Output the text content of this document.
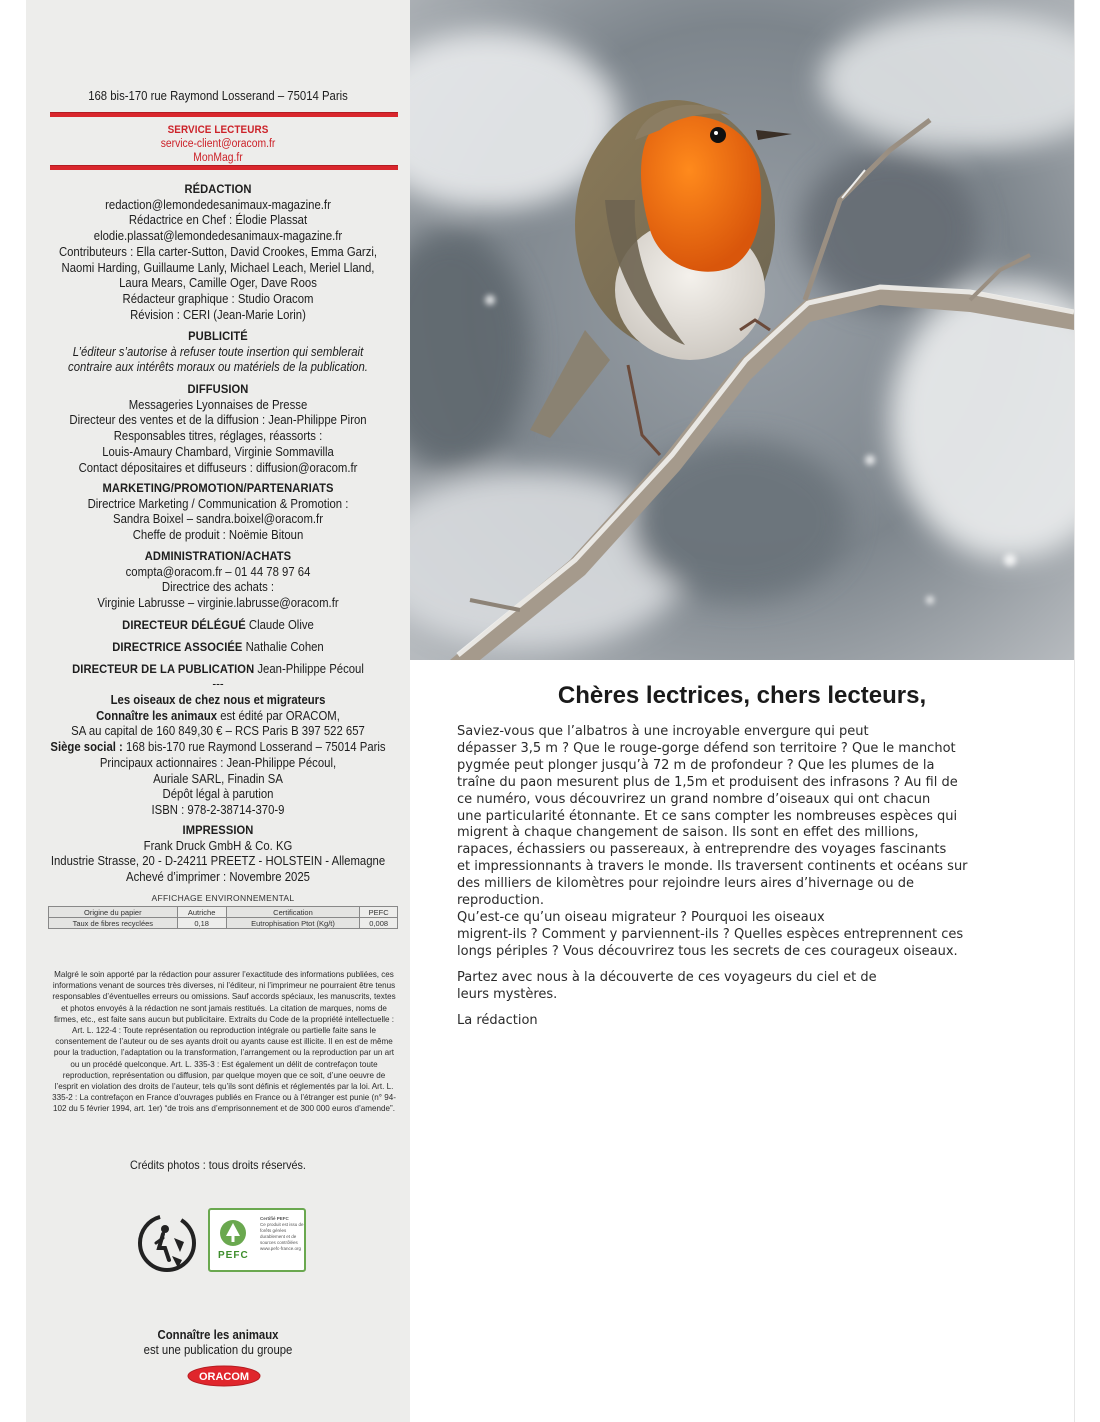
168 bis-170 rue Raymond Losserand – 75014 Paris
SERVICE LECTEURS
service-client@oracom.fr
MonMag.fr
RÉDACTION
redaction@lemondedesanimaux-magazine.fr
Rédactrice en Chef : Élodie Plassat
elodie.plassat@lemondedesanimaux-magazine.fr
Contributeurs : Ella carter-Sutton, David Crookes, Emma Garzi,
Naomi Harding, Guillaume Lanly, Michael Leach, Meriel Lland,
Laura Mears, Camille Oger, Dave Roos
Rédacteur graphique : Studio Oracom
Révision : CERI (Jean-Marie Lorin)
PUBLICITÉ
L’éditeur s’autorise à refuser toute insertion qui semblerait
contraire aux intérêts moraux ou matériels de la publication.
DIFFUSION
Messageries Lyonnaises de Presse
Directeur des ventes et de la diffusion : Jean-Philippe Piron
Responsables titres, réglages, réassorts :
Louis-Amaury Chambard, Virginie Sommavilla
Contact dépositaires et diffuseurs : diffusion@oracom.fr
MARKETING/PROMOTION/PARTENARIATS
Directrice Marketing / Communication & Promotion :
Sandra Boixel – sandra.boixel@oracom.fr
Cheffe de produit : Noëmie Bitoun
ADMINISTRATION/ACHATS
compta@oracom.fr – 01 44 78 97 64
Directrice des achats :
Virginie Labrusse – virginie.labrusse@oracom.fr
DIRECTEUR DÉLÉGUÉ Claude Olive
DIRECTRICE ASSOCIÉE Nathalie Cohen
DIRECTEUR DE LA PUBLICATION Jean-Philippe Pécoul
---
Les oiseaux de chez nous et migrateurs
Connaître les animaux est édité par ORACOM,
SA au capital de 160 849,30 € – RCS Paris B 397 522 657
Siège social : 168 bis-170 rue Raymond Losserand – 75014 Paris
Principaux actionnaires : Jean-Philippe Pécoul,
Auriale SARL, Finadin SA
Dépôt légal à parution
ISBN : 978-2-38714-370-9
IMPRESSION
Frank Druck GmbH & Co. KG
Industrie Strasse, 20 - D-24211 PREETZ - HOLSTEIN - Allemagne
Achevé d’imprimer : Novembre 2025
AFFICHAGE ENVIRONNEMENTAL
Origine du papier	Autriche	Certification	PEFC
Taux de fibres recyclées	0,18	Eutrophisation Ptot (Kg/t)	0,008
Malgré le soin apporté par la rédaction pour assurer l’exactitude des informations publiées, ces informations venant de sources très diverses, ni l’éditeur, ni l’imprimeur ne pourraient être tenus responsables d’éventuelles erreurs ou omissions. Sauf accords spéciaux, les manuscrits, textes et photos envoyés à la rédaction ne sont jamais restitués. La citation de marques, noms de firmes, etc., est faite sans aucun but publicitaire. Extraits du Code de la propriété intellectuelle : Art. L. 122-4 : Toute représentation ou reproduction intégrale ou partielle faite sans le consentement de l’auteur ou de ses ayants droit ou ayants cause est illicite. Il en est de même pour la traduction, l’adaptation ou la transformation, l’arrangement ou la reproduction par un art ou un procédé quelconque. Art. L. 335-3 : Est également un délit de contrefaçon toute reproduction, représentation ou diffusion, par quelque moyen que ce soit, d’une oeuvre de l’esprit en violation des droits de l’auteur, tels qu’ils sont définis et réglementés par la loi. Art. L. 335-2 : La contrefaçon en France d’ouvrages publiés en France ou à l’étranger est punie (n° 94-102 du 5 février 1994, art. 1er) “de trois ans d’emprisonnement et de 300 000 euros d’amende”.
Crédits photos : tous droits réservés.
PEFC
Certifié PEFC
Ce produit est issu de forêts gérées durablement et de sources contrôlées
www.pefc-france.org
Connaître les animaux
est une publication du groupe
ORACOM
Chères lectrices, chers lecteurs,

Saviez-vous que l’albatros à une incroyable envergure qui peut
dépasser 3,5 m ? Que le rouge-gorge défend son territoire ? Que le manchot
pygmée peut plonger jusqu’à 72 m de profondeur ? Que les plumes de la
traîne du paon mesurent plus de 1,5m et produisent des infrasons ? Au fil de
ce numéro, vous découvrirez un grand nombre d’oiseaux qui ont chacun
une particularité étonnante. Et ce sans compter les nombreuses espèces qui
migrent à chaque changement de saison. Ils sont en effet des millions,
rapaces, échassiers ou passereaux, à entreprendre des voyages fascinants
et impressionnants à travers le monde. Ils traversent continents et océans sur
des milliers de kilomètres pour rejoindre leurs aires d’hivernage ou de
reproduction.
Qu’est-ce qu’un oiseau migrateur ? Pourquoi les oiseaux
migrent-ils ? Comment y parviennent-ils ? Quelles espèces entreprennent ces
longs périples ? Vous découvrirez tous les secrets de ces courageux oiseaux.

Partez avec nous à la découverte de ces voyageurs du ciel et de
leurs mystères.

La rédaction
